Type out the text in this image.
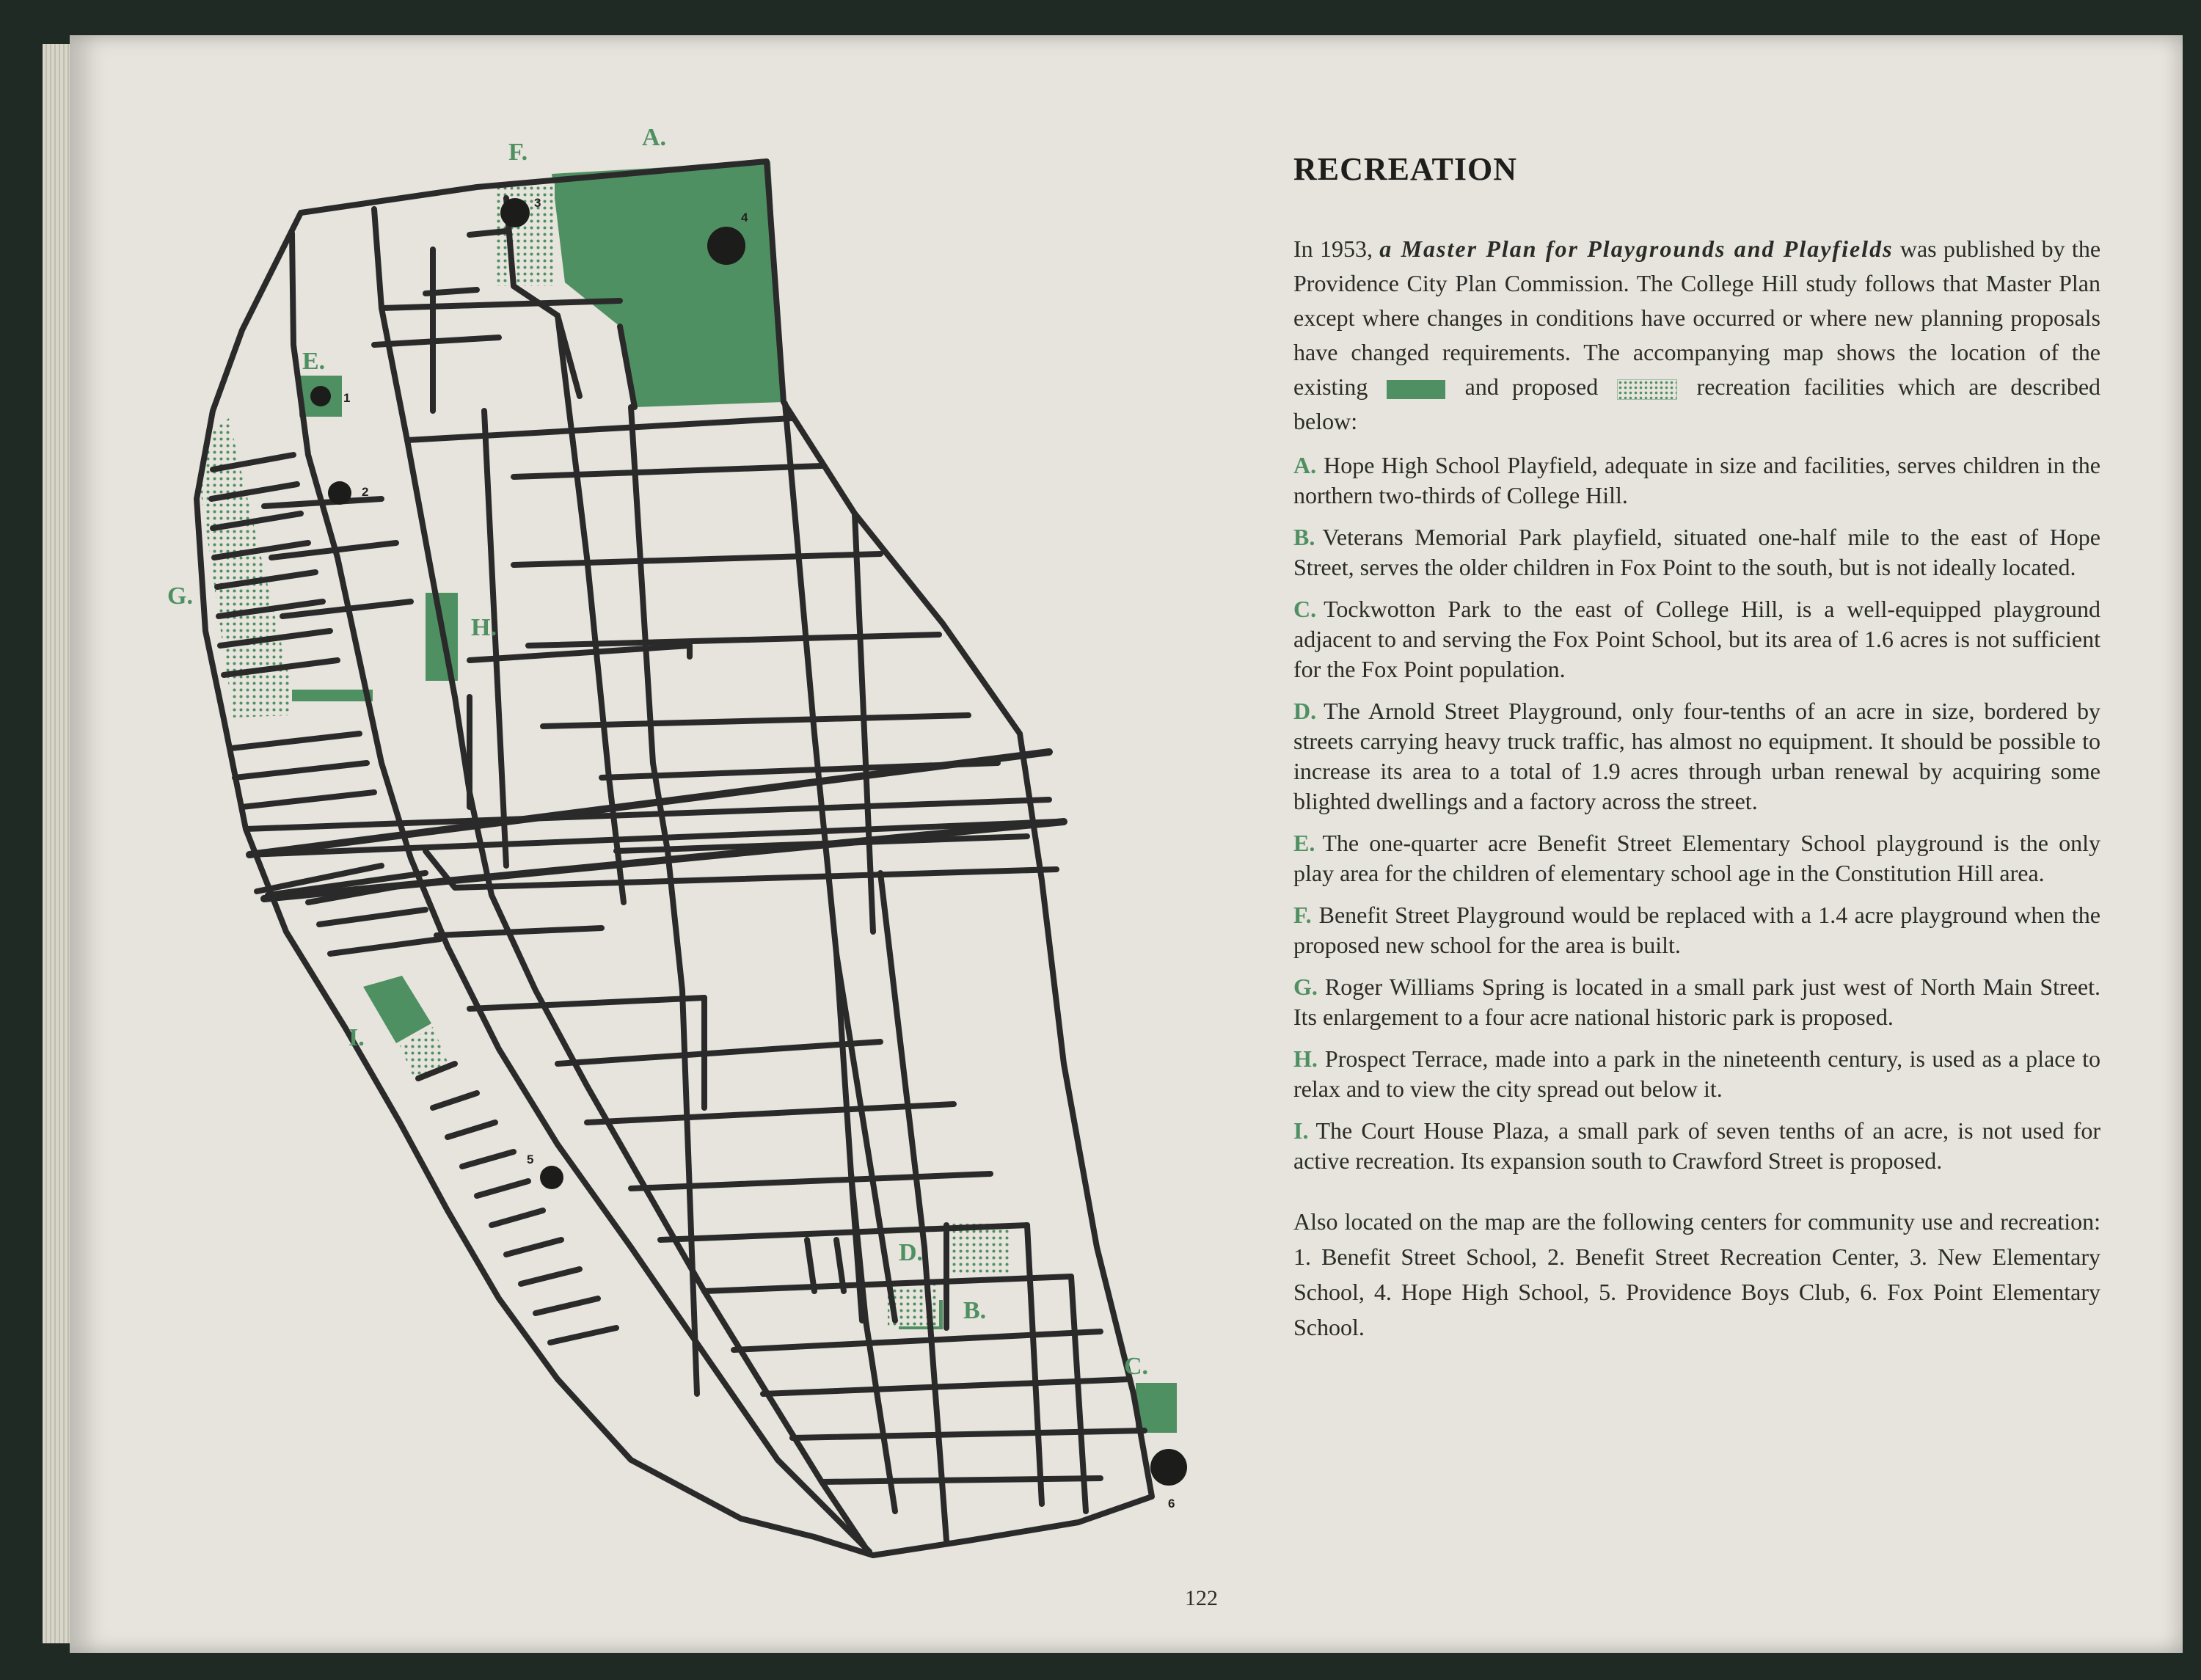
1
2
3
4
5
6
A.
F.
E.
G.
H.
I.
D.
B.
C.
RECREATION

In 1953, a Master Plan for Playgrounds and Playfields was published by the Providence City Plan Commission. The College Hill study follows that Master Plan except where changes in conditions have occurred or where new planning proposals have changed requirements. The accompanying map shows the location of the existing	and proposed	recreation facilities which are described below:

A. Hope High School Playfield, adequate in size and facilities, serves children in the northern two-thirds of College Hill.

B. Veterans Memorial Park playfield, situated one-half mile to the east of Hope Street, serves the older children in Fox Point to the south, but is not ideally located.

C. Tockwotton Park to the east of College Hill, is a well-equipped playground adjacent to and serving the Fox Point School, but its area of 1.6 acres is not sufficient for the Fox Point population.

D. The Arnold Street Playground, only four-tenths of an acre in size, bordered by streets carrying heavy truck traffic, has almost no equipment. It should be possible to increase its area to a total of 1.9 acres through urban renewal by acquiring some blighted dwellings and a factory across the street.

E. The one-quarter acre Benefit Street Elementary School playground is the only play area for the children of elementary school age in the Constitution Hill area.

F. Benefit Street Playground would be replaced with a 1.4 acre playground when the proposed new school for the area is built.

G. Roger Williams Spring is located in a small park just west of North Main Street. Its enlargement to a four acre national historic park is proposed.

H. Prospect Terrace, made into a park in the nineteenth century, is used as a place to relax and to view the city spread out below it.

I. The Court House Plaza, a small park of seven tenths of an acre, is not used for active recreation. Its expansion south to Crawford Street is proposed.

Also located on the map are the following centers for community use and recreation: 1. Benefit Street School, 2. Benefit Street Recreation Center, 3. New Elementary School, 4. Hope High School, 5. Providence Boys Club, 6. Fox Point Elementary School.

122
